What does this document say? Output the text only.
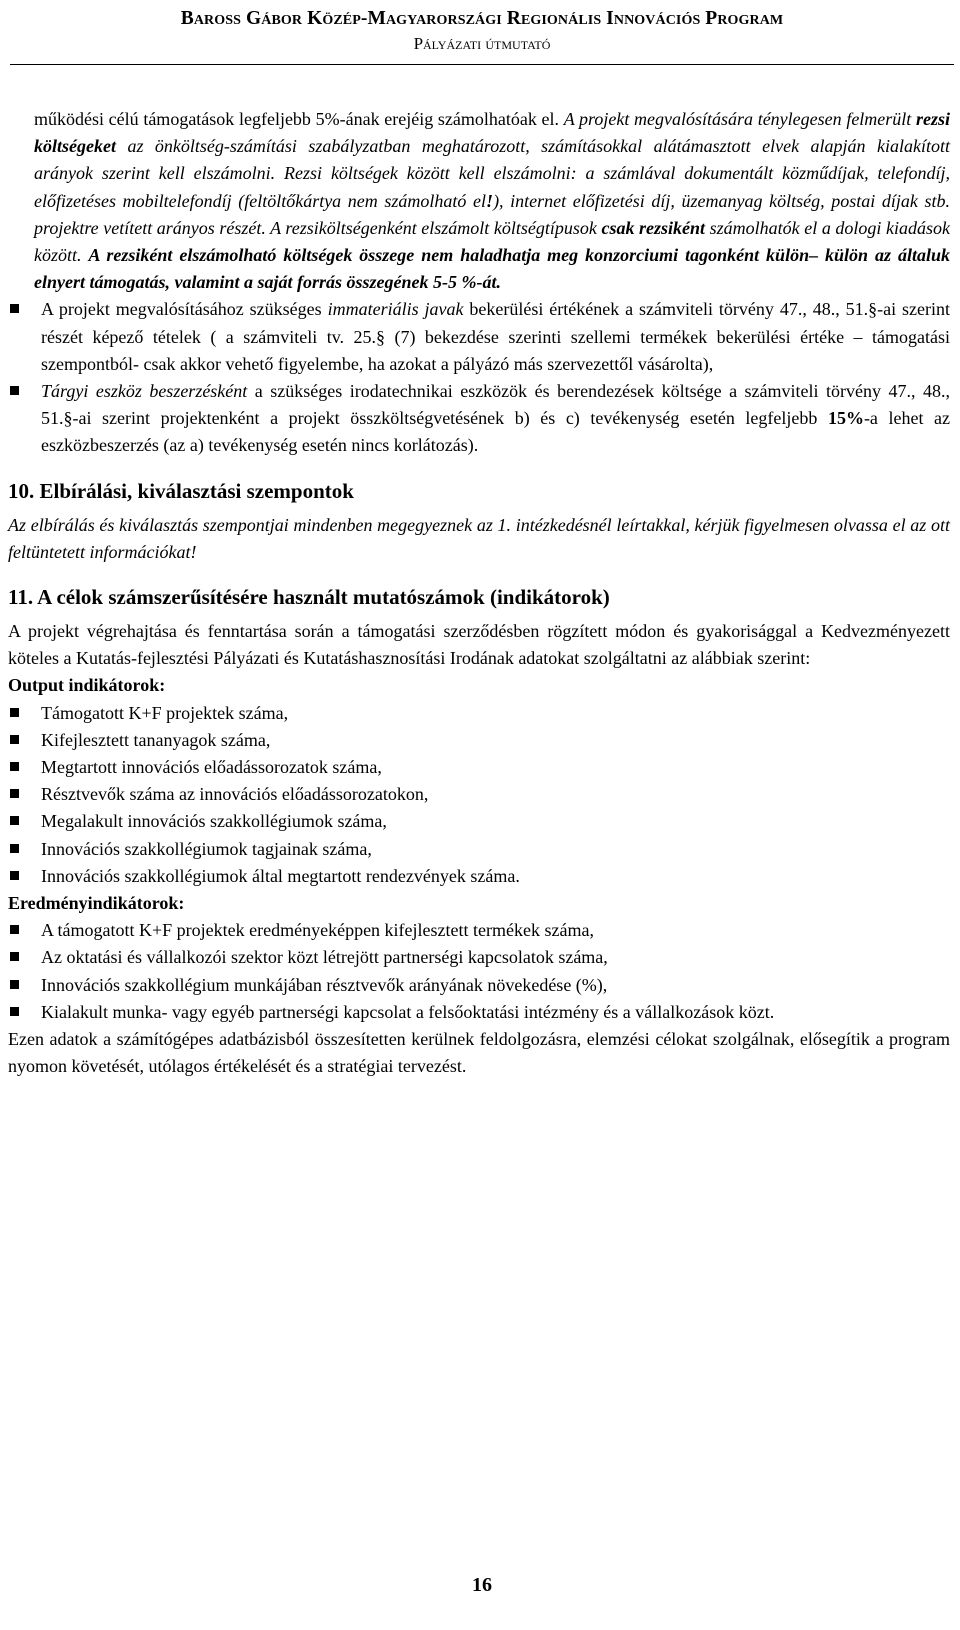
Baross Gábor Közép-Magyarországi Regionális Innovációs Program
Pályázati útmutató

működési célú támogatások legfeljebb 5%-ának erejéig számolhatóak el. A projekt megvalósítására ténylegesen felmerült rezsi költségeket az önköltség-számítási szabályzatban meghatározott, számításokkal alátámasztott elvek alapján kialakított arányok szerint kell elszámolni. Rezsi költségek között kell elszámolni: a számlával dokumentált közműdíjak, telefondíj, előfizetéses mobiltelefondíj (feltöltőkártya nem számolható el!), internet előfizetési díj, üzemanyag költség, postai díjak stb. projektre vetített arányos részét. A rezsiköltségenként elszámolt költségtípusok csak rezsiként számolhatók el a dologi kiadások között. A rezsiként elszámolható költségek összege nem haladhatja meg konzorciumi tagonként külön– külön az általuk elnyert támogatás, valamint a saját forrás összegének 5-5 %-át.

A projekt megvalósításához szükséges immateriális javak bekerülési értékének a számviteli törvény 47., 48., 51.§-ai szerint részét képező tételek ( a számviteli tv. 25.§ (7) bekezdése szerinti szellemi termékek bekerülési értéke – támogatási szempontból- csak akkor vehető figyelembe, ha azokat a pályázó más szervezettől vásárolta),
Tárgyi eszköz beszerzésként a szükséges irodatechnikai eszközök és berendezések költsége a számviteli törvény 47., 48., 51.§-ai szerint projektenként a projekt összköltségvetésének b) és c) tevékenység esetén legfeljebb 15%-a lehet az eszközbeszerzés (az a) tevékenység esetén nincs korlátozás).
10. Elbírálási, kiválasztási szempontok

Az elbírálás és kiválasztás szempontjai mindenben megegyeznek az 1. intézkedésnél leírtakkal, kérjük figyelmesen olvassa el az ott feltüntetett információkat!

11. A célok számszerűsítésére használt mutatószámok (indikátorok)

A projekt végrehajtása és fenntartása során a támogatási szerződésben rögzített módon és gyakorisággal a Kedvezményezett köteles a Kutatás-fejlesztési Pályázati és Kutatáshasznosítási Irodának adatokat szolgáltatni az alábbiak szerint:

Output indikátorok:
Támogatott K+F projektek száma,
Kifejlesztett tananyagok száma,
Megtartott innovációs előadássorozatok száma,
Résztvevők száma az innovációs előadássorozatokon,
Megalakult innovációs szakkollégiumok száma,
Innovációs szakkollégiumok tagjainak száma,
Innovációs szakkollégiumok által megtartott rendezvények száma.
Eredményindikátorok:
A támogatott K+F projektek eredményeképpen kifejlesztett termékek száma,
Az oktatási és vállalkozói szektor közt létrejött partnerségi kapcsolatok száma,
Innovációs szakkollégium munkájában résztvevők arányának növekedése (%),
Kialakult munka- vagy egyéb partnerségi kapcsolat a felsőoktatási intézmény és a vállalkozások közt.

Ezen adatok a számítógépes adatbázisból összesítetten kerülnek feldolgozásra, elemzési célokat szolgálnak, elősegítik a program nyomon követését, utólagos értékelését és a stratégiai tervezést.

16
